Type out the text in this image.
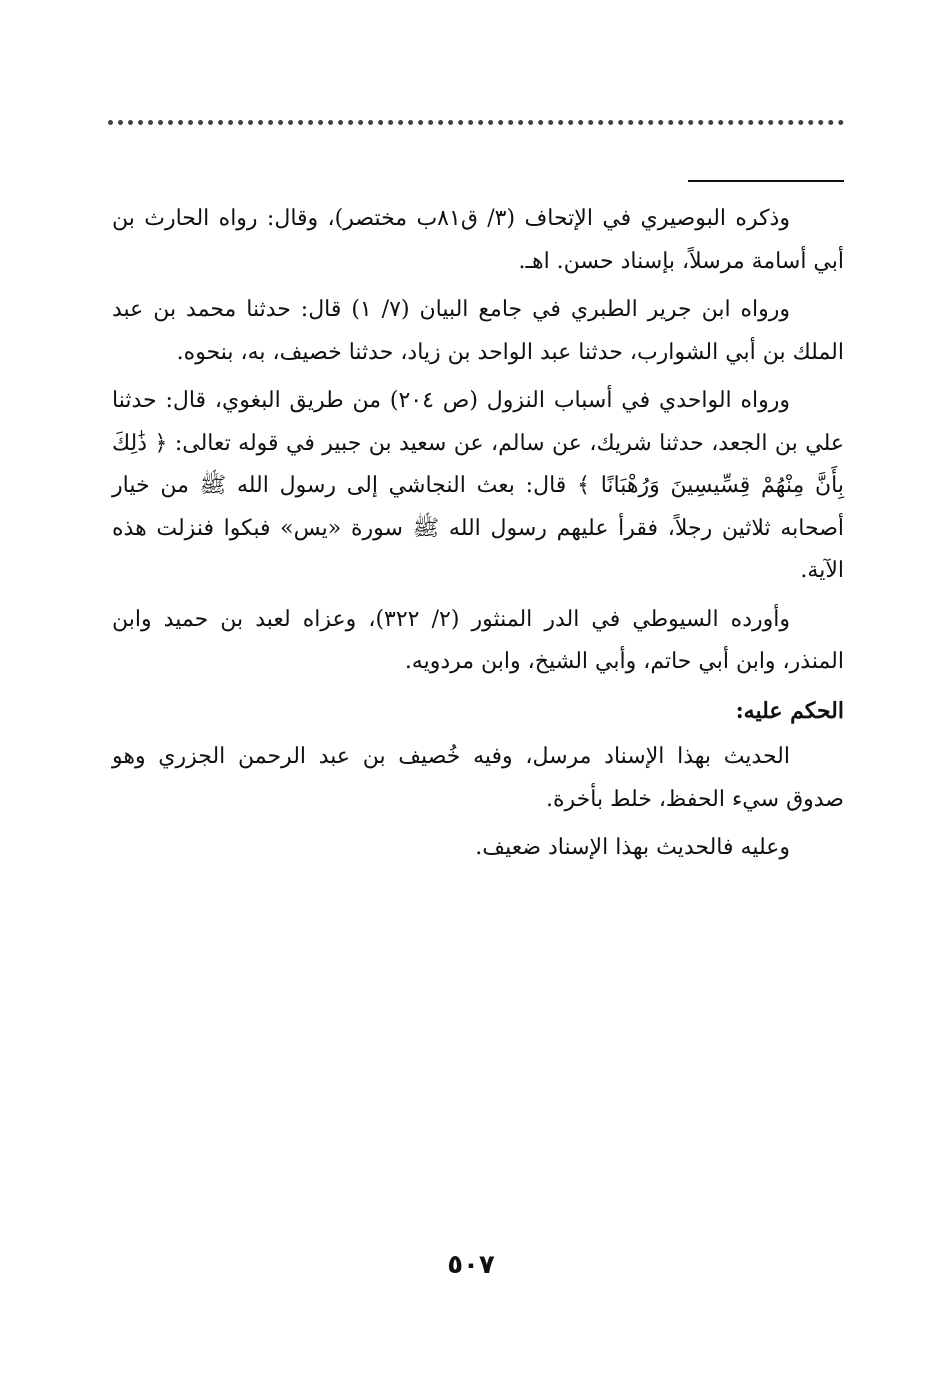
وذكره البوصيري في الإتحاف (٣/ ق٨١ب مختصر)، وقال: رواه الحارث بن أبي أسامة مرسلاً، بإسناد حسن. اهـ.

ورواه ابن جرير الطبري في جامع البيان (٧/ ١) قال: حدثنا محمد بن عبد الملك بن أبي الشوارب، حدثنا عبد الواحد بن زياد، حدثنا خصيف، به، بنحوه.

ورواه الواحدي في أسباب النزول (ص ٢٠٤) من طريق البغوي، قال: حدثنا علي بن الجعد، حدثنا شريك، عن سالم، عن سعيد بن جبير في قوله تعالى: ﴿ ذَٰلِكَ بِأَنَّ مِنْهُمْ قِسِّيسِينَ وَرُهْبَانًا ﴾ قال: بعث النجاشي إلى رسول الله ﷺ من خيار أصحابه ثلاثين رجلاً، فقرأ عليهم رسول الله ﷺ سورة «يس» فبكوا فنزلت هذه الآية.

وأورده السيوطي في الدر المنثور (٢/ ٣٢٢)، وعزاه لعبد بن حميد وابن المنذر، وابن أبي حاتم، وأبي الشيخ، وابن مردويه.

الحكم عليه:

الحديث بهذا الإسناد مرسل، وفيه خُصيف بن عبد الرحمن الجزري وهو صدوق سيء الحفظ، خلط بأخرة.

وعليه فالحديث بهذا الإسناد ضعيف.

٥٠٧
